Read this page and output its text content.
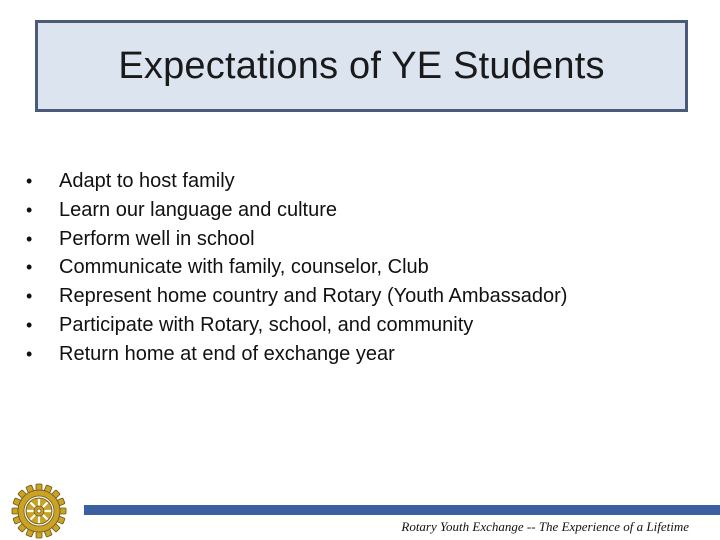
Expectations of YE Students
•	Adapt to host family
•	Learn our language and culture
•	Perform well in school
•	Communicate with family, counselor, Club
•	Represent home country and Rotary (Youth Ambassador)
•	Participate with Rotary, school, and community
•	Return home at end of exchange year
Rotary Youth Exchange -- The Experience of a Lifetime
